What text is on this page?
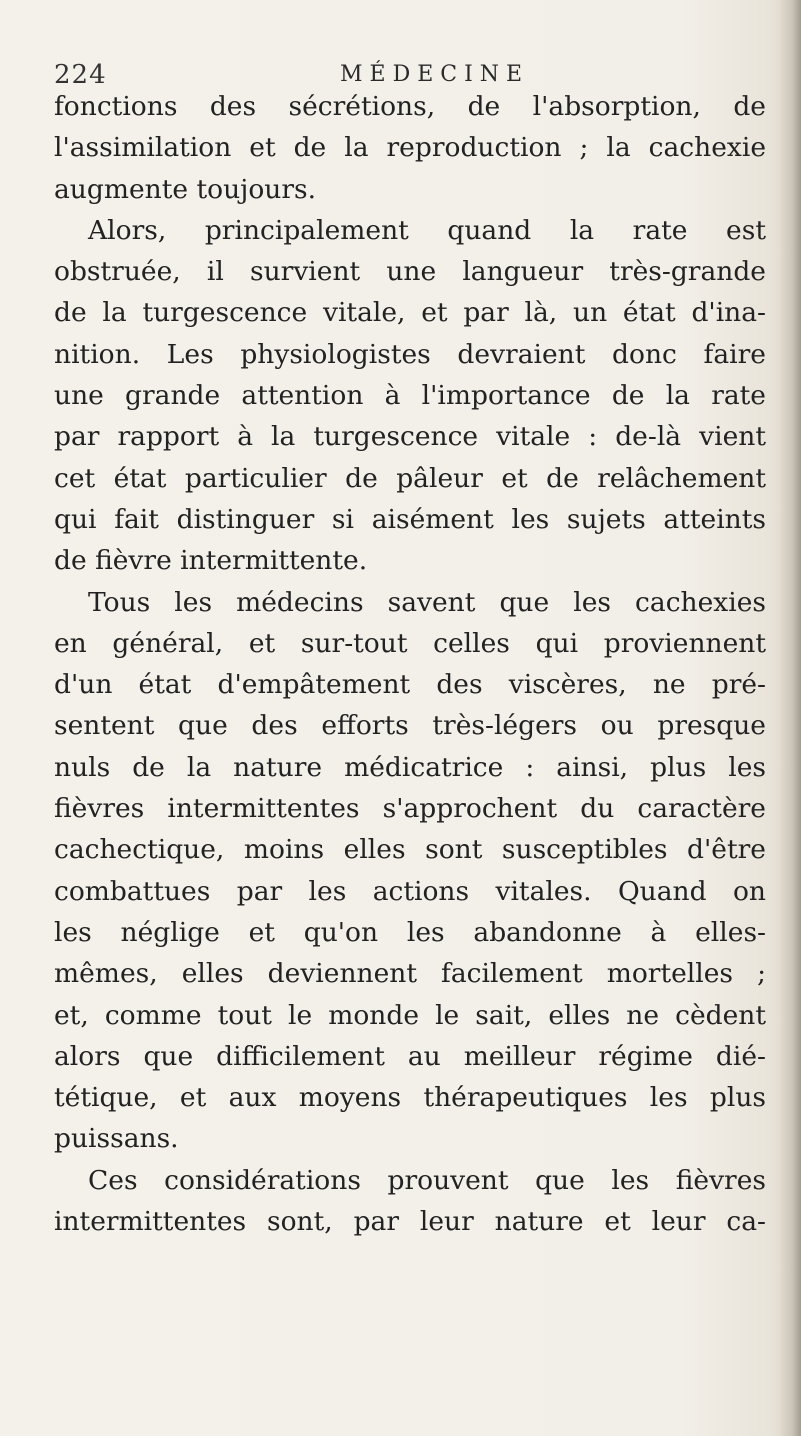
224	MÉDECINE
fonctions des sécrétions, de l'absorption, de
l'assimilation et de la reproduction ; la cachexie
augmente toujours.
Alors, principalement quand la rate est
obstruée, il survient une langueur très-grande
de la turgescence vitale, et par là, un état d'ina-
nition. Les physiologistes devraient donc faire
une grande attention à l'importance de la rate
par rapport à la turgescence vitale : de-là vient
cet état particulier de pâleur et de relâchement
qui fait distinguer si aisément les sujets atteints
de fièvre intermittente.
Tous les médecins savent que les cachexies
en général, et sur-tout celles qui proviennent
d'un état d'empâtement des viscères, ne pré-
sentent que des efforts très-légers ou presque
nuls de la nature médicatrice : ainsi, plus les
fièvres intermittentes s'approchent du caractère
cachectique, moins elles sont susceptibles d'être
combattues par les actions vitales. Quand on
les néglige et qu'on les abandonne à elles-
mêmes, elles deviennent facilement mortelles ;
et, comme tout le monde le sait, elles ne cèdent
alors que difficilement au meilleur régime dié-
tétique, et aux moyens thérapeutiques les plus
puissans.
Ces considérations prouvent que les fièvres
intermittentes sont, par leur nature et leur ca-
